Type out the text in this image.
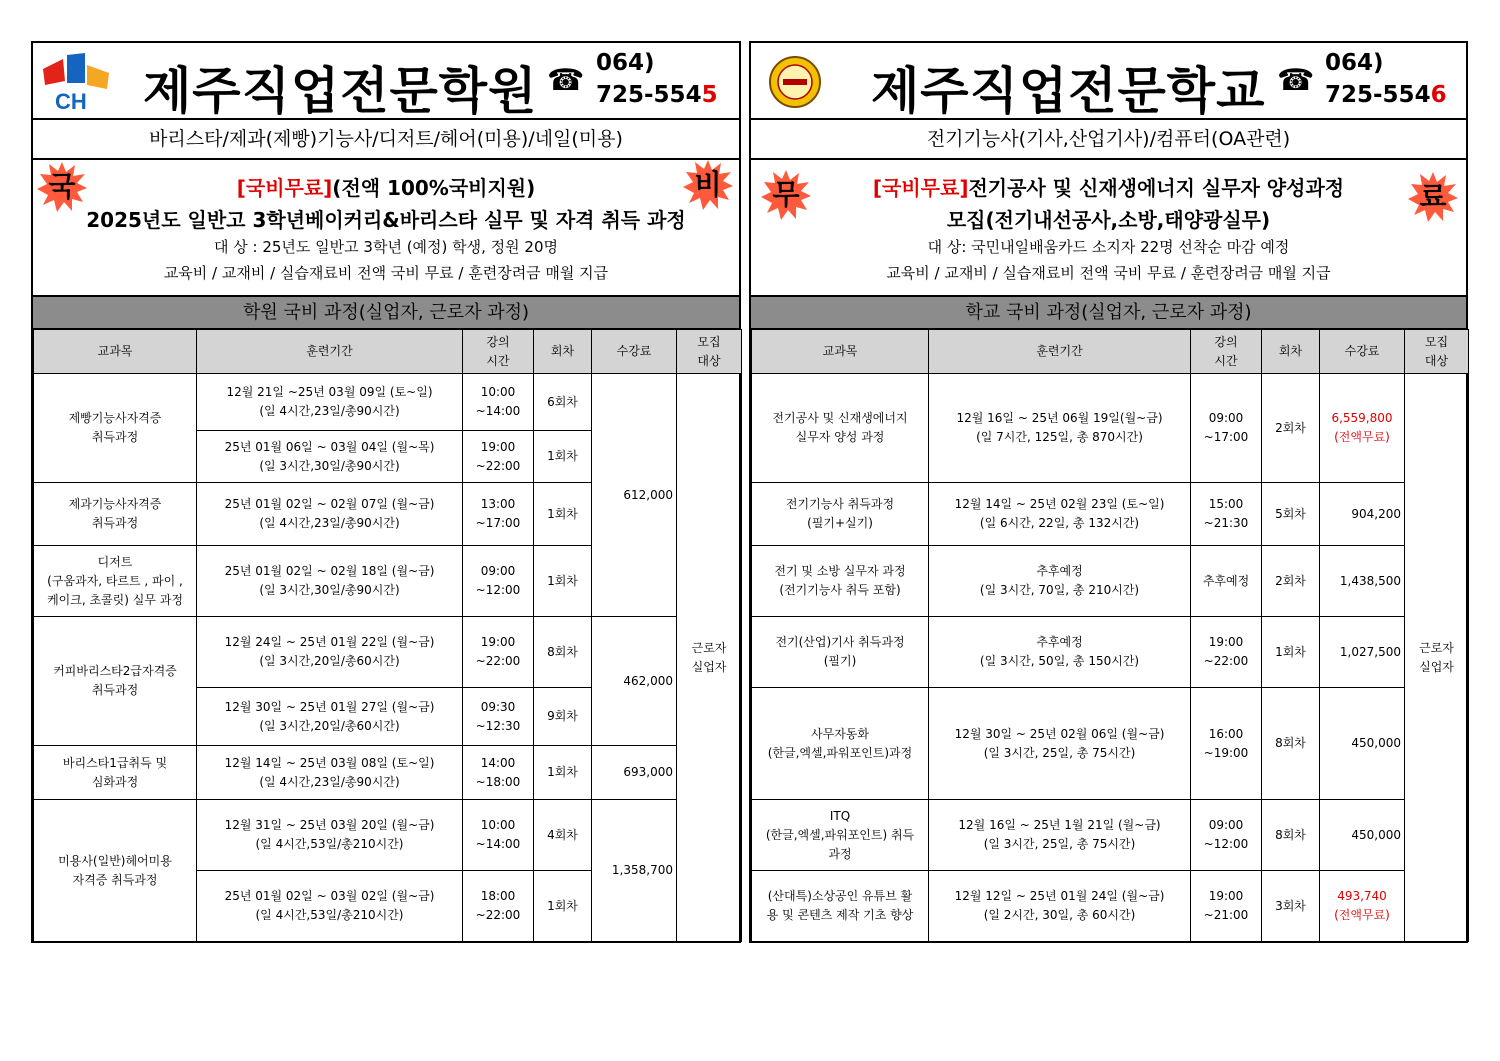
CH 제주직업전문학원 ☎ 064)
725-5545
바리스타/제과(제빵)기능사/디저트/헤어(미용)/네일(미용)
국	비
[국비무료](전액 100%국비지원)
2025년도 일반고 3학년베이커리&바리스타 실무 및 자격 취득 과정
대 상 : 25년도 일반고 3학년 (예정) 학생, 정원 20명
교육비 / 교재비 / 실습재료비 전액 국비 무료 / 훈련장려금 매월 지급
학원 국비 과정(실업자, 근로자 과정)
교과목	훈련기간	강의
시간	회차	수강료	모집
대상
제빵기능사자격증
취득과정	12월 21일 ~25년 03월 09일 (토~일)
(일 4시간,23일/총90시간)	10:00
~14:00	6회차	612,000	근로자
실업자
	25년 01월 06일 ~ 03월 04일 (월~목)
(일 3시간,30일/총90시간)	19:00
~22:00	1회차		
제과기능사자격증
취득과정	25년 01월 02일 ~ 02월 07일 (월~금)
(일 4시간,23일/총90시간)	13:00
~17:00	1회차		
디저트
(구움과자, 타르트 , 파이 ,
케이크, 초콜릿) 실무 과정	25년 01월 02일 ~ 02월 18일 (월~금)
(일 3시간,30일/총90시간)	09:00
~12:00	1회차		
커피바리스타2급자격증
취득과정	12월 24일 ~ 25년 01월 22일 (월~금)
(일 3시간,20일/총60시간)	19:00
~22:00	8회차	462,000	
	12월 30일 ~ 25년 01월 27일 (월~금)
(일 3시간,20일/총60시간)	09:30
~12:30	9회차		
바리스타1급취득 및
심화과정	12월 14일 ~ 25년 03월 08일 (토~일)
(일 4시간,23일/총90시간)	14:00
~18:00	1회차	693,000	
미용사(일반)헤어미용
자격증 취득과정	12월 31일 ~ 25년 03월 20일 (월~금)
(일 4시간,53일/총210시간)	10:00
~14:00	4회차	1,358,700	
	25년 01월 02일 ~ 03월 02일 (월~금)
(일 4시간,53일/총210시간)	18:00
~22:00	1회차		
제주직업전문학교 ☎ 064)
725-5546
전기기능사(기사,산업기사)/컴퓨터(OA관련)
무	료
[국비무료]전기공사 및 신재생에너지 실무자 양성과정
모집(전기내선공사,소방,태양광실무)
대 상: 국민내일배움카드 소지자 22명 선착순 마감 예정
교육비 / 교재비 / 실습재료비 전액 국비 무료 / 훈련장려금 매월 지급
학교 국비 과정(실업자, 근로자 과정)
교과목	훈련기간	강의
시간	회차	수강료	모집
대상
전기공사 및 신재생에너지
실무자 양성 과정	12월 16일 ~ 25년 06월 19일(월~금)
(일 7시간, 125일, 총 870시간)	09:00
~17:00	2회차	6,559,800
(전액무료)	근로자
실업자
전기기능사 취득과정
(필기+실기)	12월 14일 ~ 25년 02월 23일 (토~일)
(일 6시간, 22일, 총 132시간)	15:00
~21:30	5회차	904,200	
전기 및 소방 실무자 과정
(전기기능사 취득 포함)	추후예정
(일 3시간, 70일, 총 210시간)	추후예정	2회차	1,438,500	
전기(산업)기사 취득과정
(필기)	추후예정
(일 3시간, 50일, 총 150시간)	19:00
~22:00	1회차	1,027,500	
사무자동화
(한글,엑셀,파워포인트)과정	12월 30일 ~ 25년 02월 06일 (월~금)
(일 3시간, 25일, 총 75시간)	16:00
~19:00	8회차	450,000	
ITQ
(한글,엑셀,파워포인트) 취득
과정	12월 16일 ~ 25년 1월 21일 (월~금)
(일 3시간, 25일, 총 75시간)	09:00
~12:00	8회차	450,000	
(산대특)소상공인 유튜브 활
용 및 콘텐츠 제작 기초 향상	12월 12일 ~ 25년 01월 24일 (월~금)
(일 2시간, 30일, 총 60시간)	19:00
~21:00	3회차	493,740
(전액무료)	
